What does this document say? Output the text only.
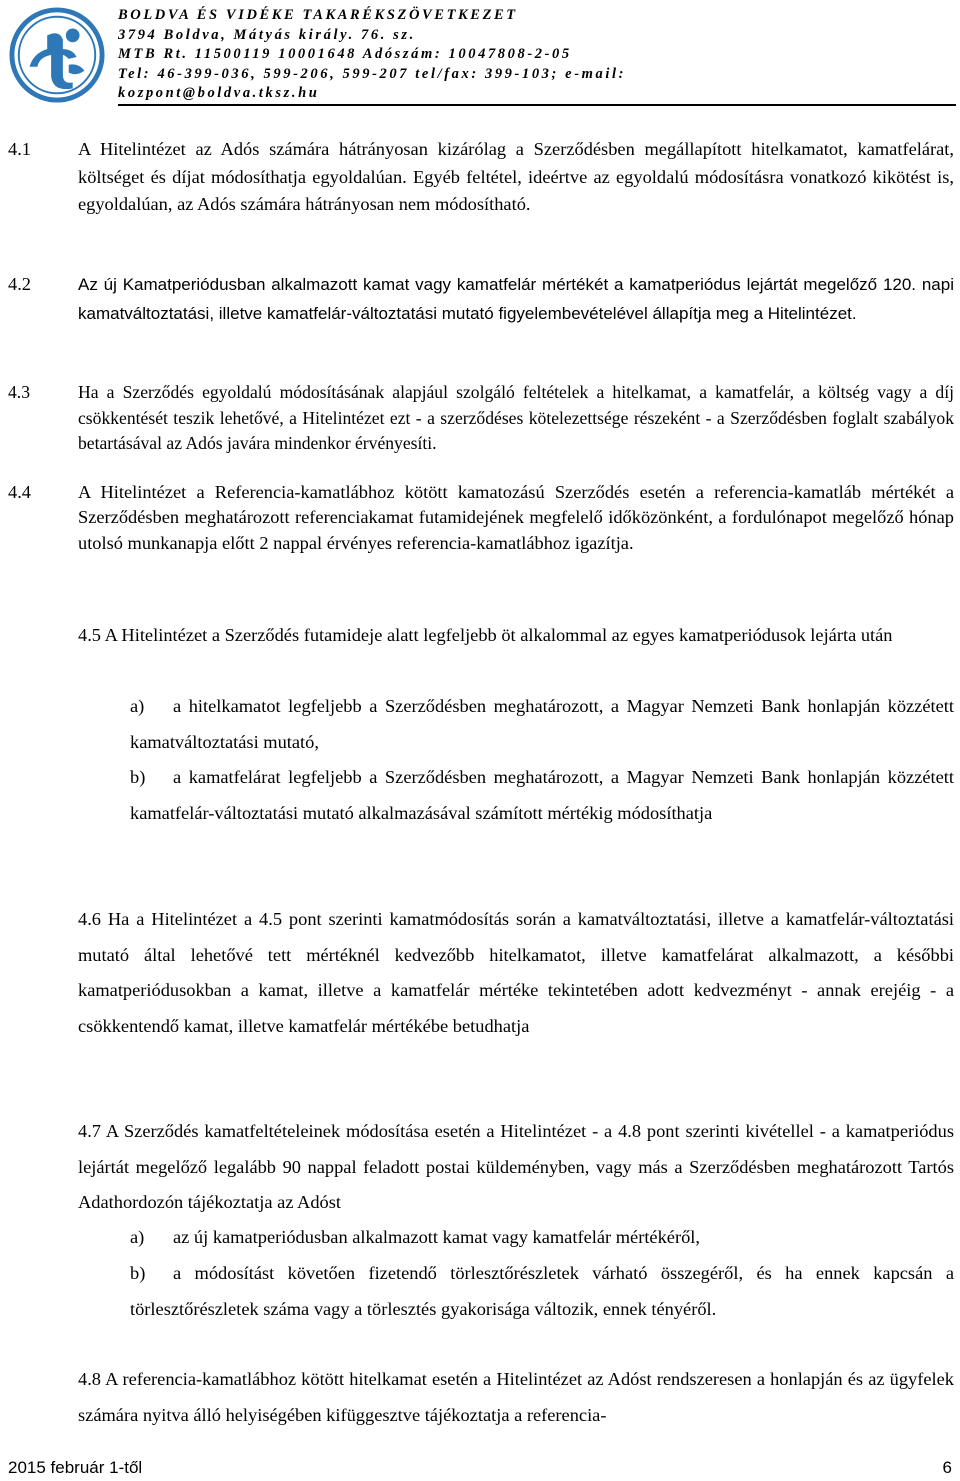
BOLDVA ÉS VIDÉKE TAKARÉKSZÖVETKEZET
3794 Boldva, Mátyás király. 76. sz.
MTB Rt. 11500119 10001648 Adószám: 10047808-2-05
Tel: 46-399-036, 599-206, 599-207 tel/fax: 399-103; e-mail:
kozpont@boldva.tksz.hu
4.1	A Hitelintézet az Adós számára hátrányosan kizárólag a Szerződésben megállapított hitelkamatot, kamatfelárat, költséget és díjat módosíthatja egyoldalúan. Egyéb feltétel, ideértve az egyoldalú módosításra vonatkozó kikötést is, egyoldalúan, az Adós számára hátrányosan nem módosítható.
4.2	Az új Kamatperiódusban alkalmazott kamat vagy kamatfelár mértékét a kamatperiódus lejártát megelőző 120. napi kamatváltoztatási, illetve kamatfelár-változtatási mutató figyelembevételével állapítja meg a Hitelintézet.
4.3	Ha a Szerződés egyoldalú módosításának alapjául szolgáló feltételek a hitelkamat, a kamatfelár, a költség vagy a díj csökkentését teszik lehetővé, a Hitelintézet ezt - a szerződéses kötelezettsége részeként - a Szerződésben foglalt szabályok betartásával az Adós javára mindenkor érvényesíti.
4.4	A Hitelintézet a Referencia-kamatlábhoz kötött kamatozású Szerződés esetén a referencia-kamatláb mértékét a Szerződésben meghatározott referenciakamat futamidejének megfelelő időközönként, a fordulónapot megelőző hónap utolsó munkanapja előtt 2 nappal érvényes referencia-kamatlábhoz igazítja.
4.5 A Hitelintézet a Szerződés futamideje alatt legfeljebb öt alkalommal az egyes kamatperiódusok lejárta után
a)	a hitelkamatot legfeljebb a Szerződésben meghatározott, a Magyar Nemzeti Bank honlapján közzétett kamatváltoztatási mutató,
b)	a kamatfelárat legfeljebb a Szerződésben meghatározott, a Magyar Nemzeti Bank honlapján közzétett kamatfelár-változtatási mutató alkalmazásával számított mértékig módosíthatja
4.6 Ha a Hitelintézet a 4.5 pont szerinti kamatmódosítás során a kamatváltoztatási, illetve a kamatfelár-változtatási mutató által lehetővé tett mértéknél kedvezőbb hitelkamatot, illetve kamatfelárat alkalmazott, a későbbi kamatperiódusokban a kamat, illetve a kamatfelár mértéke tekintetében adott kedvezményt - annak erejéig - a csökkentendő kamat, illetve kamatfelár mértékébe betudhatja
4.7 A Szerződés kamatfeltételeinek módosítása esetén a Hitelintézet - a 4.8 pont szerinti kivétellel - a kamatperiódus lejártát megelőző legalább 90 nappal feladott postai küldeményben, vagy más a Szerződésben meghatározott Tartós Adathordozón tájékoztatja az Adóst
a)	az új kamatperiódusban alkalmazott kamat vagy kamatfelár mértékéről,
b)	a módosítást követően fizetendő törlesztőrészletek várható összegéről, és ha ennek kapcsán a törlesztőrészletek száma vagy a törlesztés gyakorisága változik, ennek tényéről.
4.8 A referencia-kamatlábhoz kötött hitelkamat esetén a Hitelintézet az Adóst rendszeresen a honlapján és az ügyfelek számára nyitva álló helyiségében kifüggesztve tájékoztatja a referencia-
2015 február 1-től	6
